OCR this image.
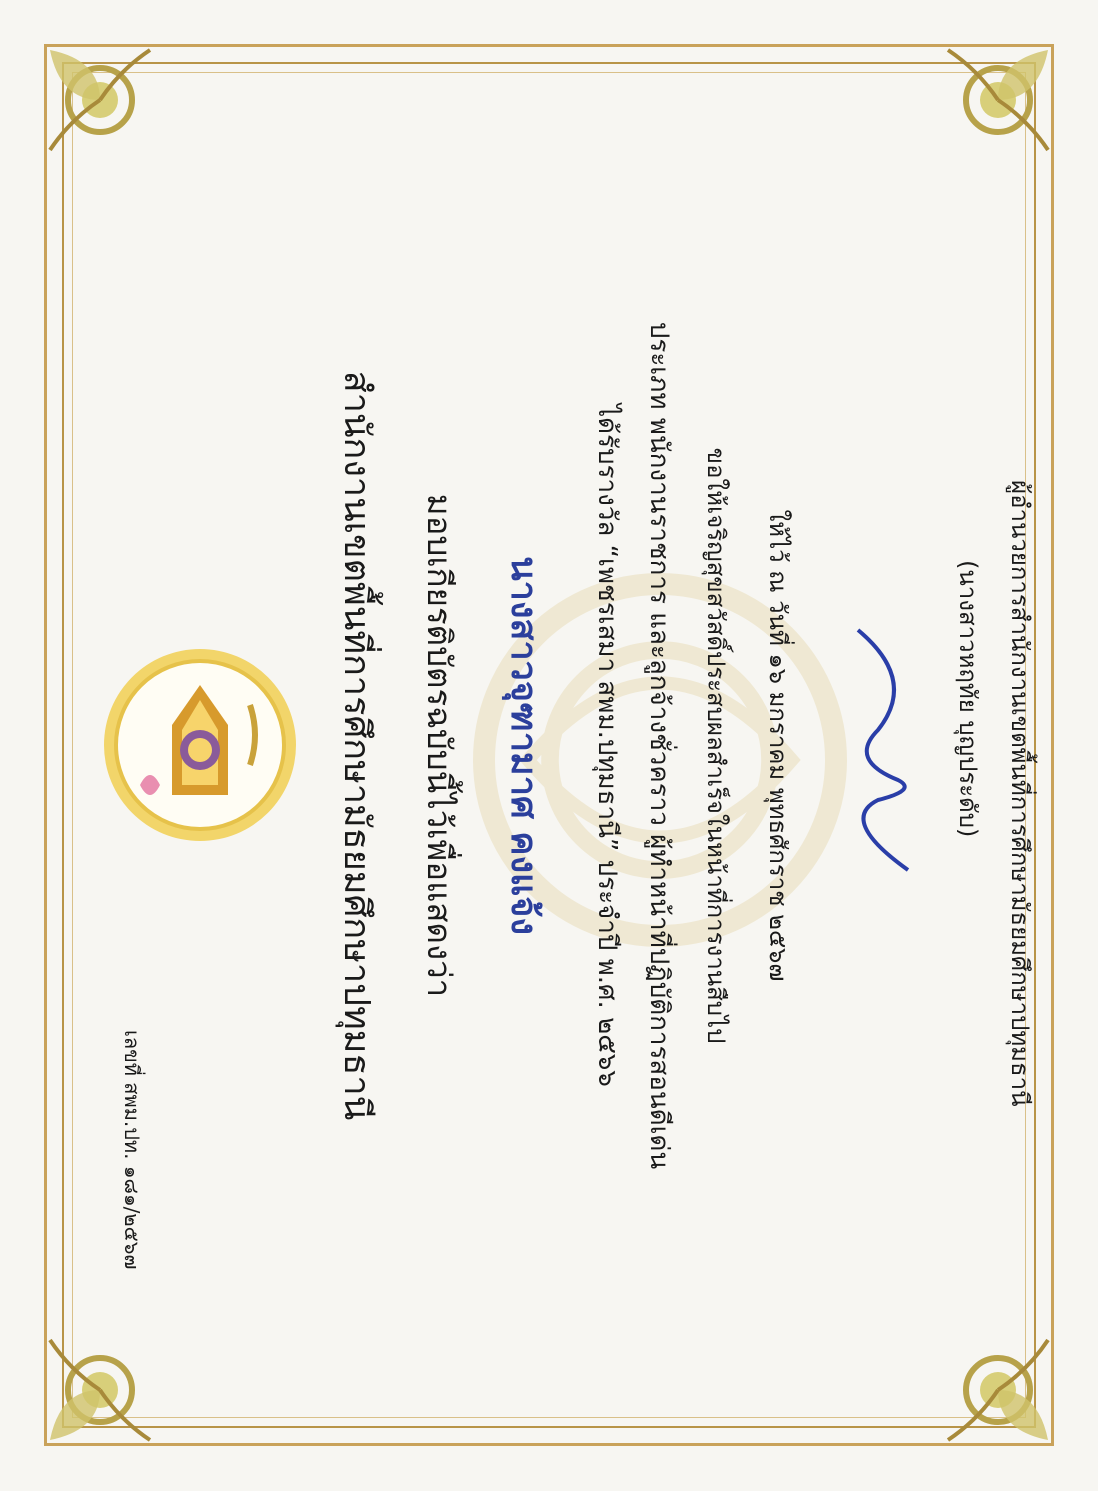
สำนักงานเขตพื้นที่การศึกษามัธยมศึกษาปทุมธานี มอบเกียรติบัตรฉบับนี้ไว้เพื่อแสดงว่า นางสาวจุฑามาศ คงแจ้ง	ได้รับรางวัล “เพชรเสมา สพม.ปทุมธานี” ประจำปี พ.ศ. ๒๕๖๖ ประเภท พนักงานราชการ และลูกจ้างชั่วคราว ผู้ทำหน้าที่ปฏิบัติการสอนดีเด่น ขอให้เจริญสุขสวัสดิ์ประสบผลสำเร็จในหน้าที่การงานสืบไป ให้ไว้ ณ วันที่ ๑๖ มกราคม พุทธศักราช ๒๕๖๗	(นางสาวหฤทัย บุญประดับ) ผู้อำนวยการสำนักงานเขตพื้นที่การศึกษามัธยมศึกษาปทุมธานี
เลขที่ สพม.ปท. ๑๘๑/๒๕๖๗
